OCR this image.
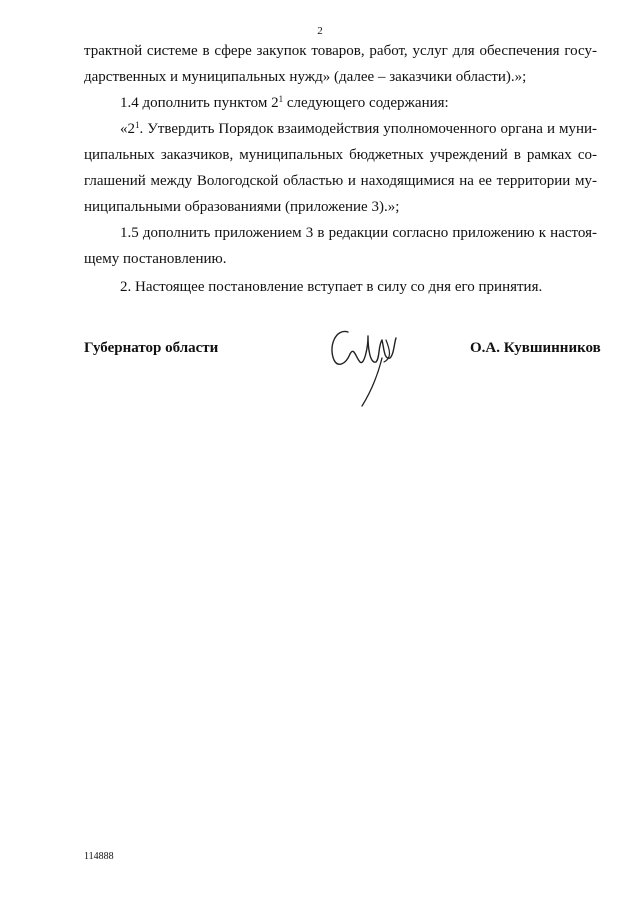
2

трактной системе в сфере закупок товаров, работ, услуг для обеспечения госу-

дарственных и муниципальных нужд» (далее – заказчики области).»;

1.4 дополнить пунктом $2^1$ следующего содержания:

«$2^1$. Утвердить Порядок взаимодействия уполномоченного органа и муни-

ципальных заказчиков, муниципальных бюджетных учреждений в рамках со-

глашений между Вологодской областью и находящимися на ее территории му-

ниципальными образованиями (приложение 3).»;

1.5 дополнить приложением 3 в редакции согласно приложению к настоя-

щему постановлению.

2. Настоящее постановление вступает в силу со дня его принятия.

Губернатор области	О.А. Кувшинников
114888
